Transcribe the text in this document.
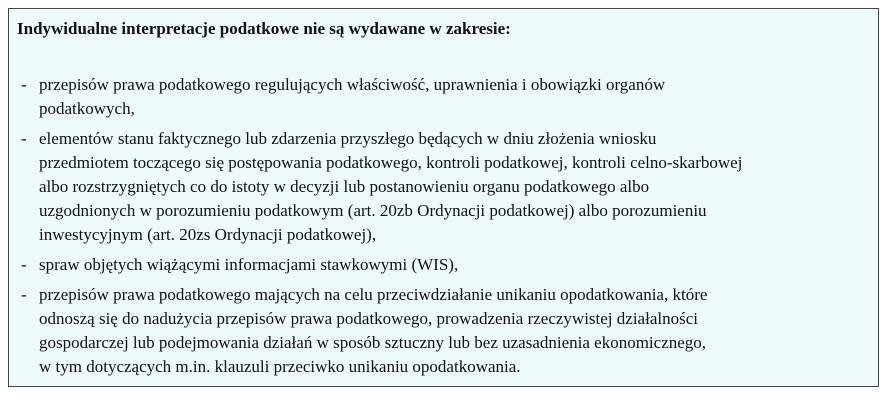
Indywidualne interpretacje podatkowe nie są wydawane w zakresie:

- przepisów prawa podatkowego regulujących właściwość, uprawnienia i obowiązki organów
podatkowych,
- elementów stanu faktycznego lub zdarzenia przyszłego będących w dniu złożenia wniosku
przedmiotem toczącego się postępowania podatkowego, kontroli podatkowej, kontroli celno-skarbowej
albo rozstrzygniętych co do istoty w decyzji lub postanowieniu organu podatkowego albo
uzgodnionych w porozumieniu podatkowym (art. 20zb Ordynacji podatkowej) albo porozumieniu
inwestycyjnym (art. 20zs Ordynacji podatkowej),
- spraw objętych wiążącymi informacjami stawkowymi (WIS),
- przepisów prawa podatkowego mających na celu przeciwdziałanie unikaniu opodatkowania, które
odnoszą się do nadużycia przepisów prawa podatkowego, prowadzenia rzeczywistej działalności
gospodarczej lub podejmowania działań w sposób sztuczny lub bez uzasadnienia ekonomicznego,
w tym dotyczących m.in. klauzuli przeciwko unikaniu opodatkowania.
